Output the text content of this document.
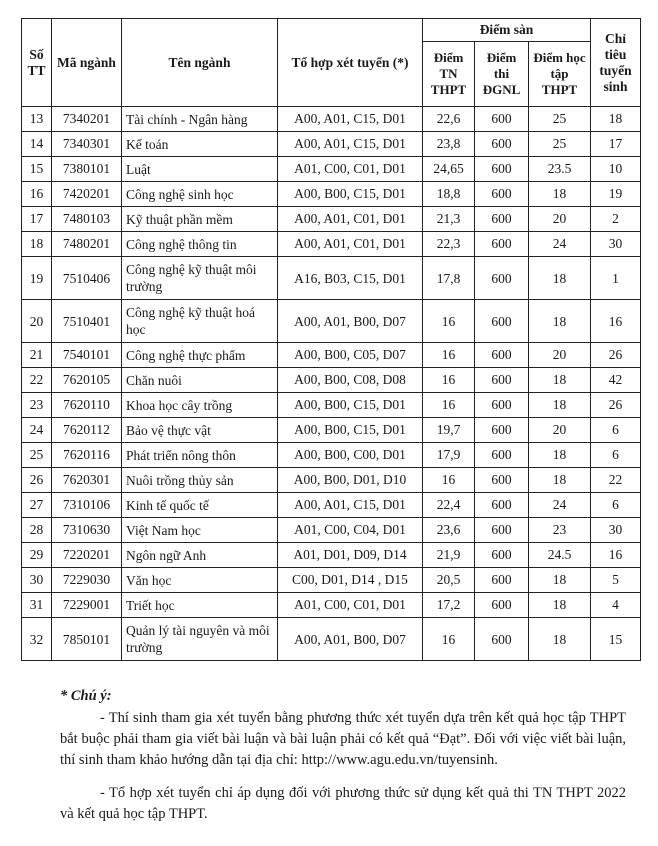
Số TT	Mã ngành	Tên ngành	Tổ hợp xét tuyển (*)	Điểm sàn			Chỉ tiêu tuyển sinh
				Điểm TN THPT	Điểm thi ĐGNL	Điểm học tập THPT	
13	7340201	Tài chính - Ngân hàng	A00, A01, C15, D01	22,6	600	25	18
14	7340301	Kế toán	A00, A01, C15, D01	23,8	600	25	17
15	7380101	Luật	A01, C00, C01, D01	24,65	600	23.5	10
16	7420201	Công nghệ sinh học	A00, B00, C15, D01	18,8	600	18	19
17	7480103	Kỹ thuật phần mềm	A00, A01, C01, D01	21,3	600	20	2
18	7480201	Công nghệ thông tin	A00, A01, C01, D01	22,3	600	24	30
19	7510406	Công nghệ kỹ thuật môi trường	A16, B03, C15, D01	17,8	600	18	1
20	7510401	Công nghệ kỹ thuật hoá học	A00, A01, B00, D07	16	600	18	16
21	7540101	Công nghệ thực phẩm	A00, B00, C05, D07	16	600	20	26
22	7620105	Chăn nuôi	A00, B00, C08, D08	16	600	18	42
23	7620110	Khoa học cây trồng	A00, B00, C15, D01	16	600	18	26
24	7620112	Bảo vệ thực vật	A00, B00, C15, D01	19,7	600	20	6
25	7620116	Phát triển nông thôn	A00, B00, C00, D01	17,9	600	18	6
26	7620301	Nuôi trồng thủy sản	A00, B00, D01, D10	16	600	18	22
27	7310106	Kinh tế quốc tế	A00, A01, C15, D01	22,4	600	24	6
28	7310630	Việt Nam học	A01, C00, C04, D01	23,6	600	23	30
29	7220201	Ngôn ngữ Anh	A01, D01, D09, D14	21,9	600	24.5	16
30	7229030	Văn học	C00, D01, D14 , D15	20,5	600	18	5
31	7229001	Triết học	A01, C00, C01, D01	17,2	600	18	4
32	7850101	Quản lý tài nguyên và môi trường	A00, A01, B00, D07	16	600	18	15
* Chú ý:
- Thí sinh tham gia xét tuyển bằng phương thức xét tuyển dựa trên kết quả học tập THPT bắt buộc phải tham gia viết bài luận và bài luận phải có kết quả “Đạt”. Đối với việc viết bài luận, thí sinh tham khảo hướng dẫn tại địa chỉ: http://www.agu.edu.vn/tuyensinh.
- Tổ hợp xét tuyển chỉ áp dụng đối với phương thức sử dụng kết quả thi TN THPT 2022 và kết quả học tập THPT.
